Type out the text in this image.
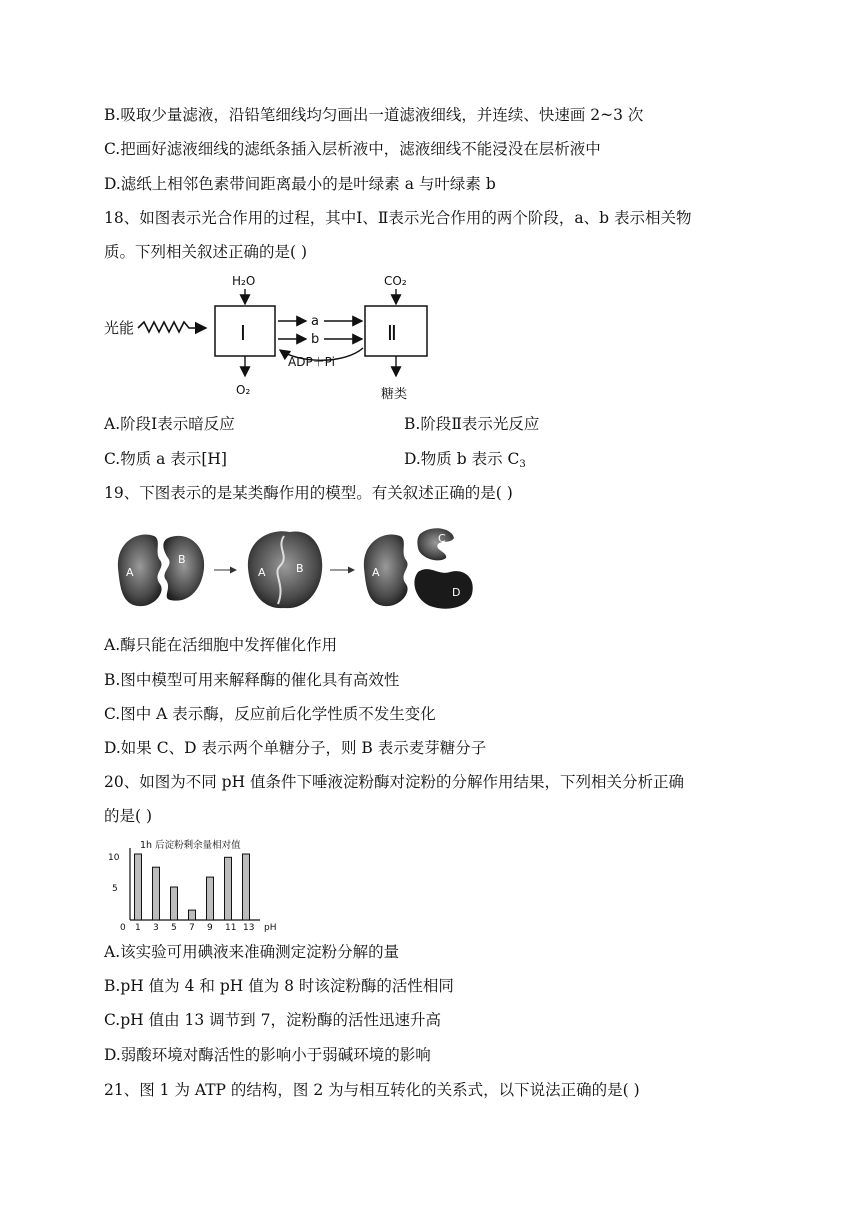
B.吸取少量滤液，沿铅笔细线均匀画出一道滤液细线，并连续、快速画 2~3 次
C.把画好滤液细线的滤纸条插入层析液中，滤液细线不能浸没在层析液中
D.滤纸上相邻色素带间距离最小的是叶绿素 a 与叶绿素 b
18、如图表示光合作用的过程，其中Ⅰ、Ⅱ表示光合作用的两个阶段，a、b 表示相关物
质。下列相关叙述正确的是( )
光能	Ⅰ	Ⅱ
H₂O
O₂
CO₂
糖类
a
b
ADP＋Pi
A.阶段Ⅰ表示暗反应	B.阶段Ⅱ表示光反应
C.物质 a 表示[H]	D.物质 b 表示 $C_3$
19、下图表示的是某类酶作用的模型。有关叙述正确的是( )
A
B
A	B	A
C
D
A.酶只能在活细胞中发挥催化作用
B.图中模型可用来解释酶的催化具有高效性
C.图中 A 表示酶，反应前后化学性质不发生变化
D.如果 C、D 表示两个单糖分子，则 B 表示麦芽糖分子
20、如图为不同 pH 值条件下唾液淀粉酶对淀粉的分解作用结果，下列相关分析正确
的是( )
1h 后淀粉剩余量相对值
0
5
10
pH
1 3 5 7 9 11 13
21、图 1 为 ATP 的结构，图 2 为与相互转化的关系式，以下说法正确的是( )
A.该实验可用碘液来准确测定淀粉分解的量
B.pH 值为 4 和 pH 值为 8 时该淀粉酶的活性相同
C.pH 值由 13 调节到 7，淀粉酶的活性迅速升高
D.弱酸环境对酶活性的影响小于弱碱环境的影响
